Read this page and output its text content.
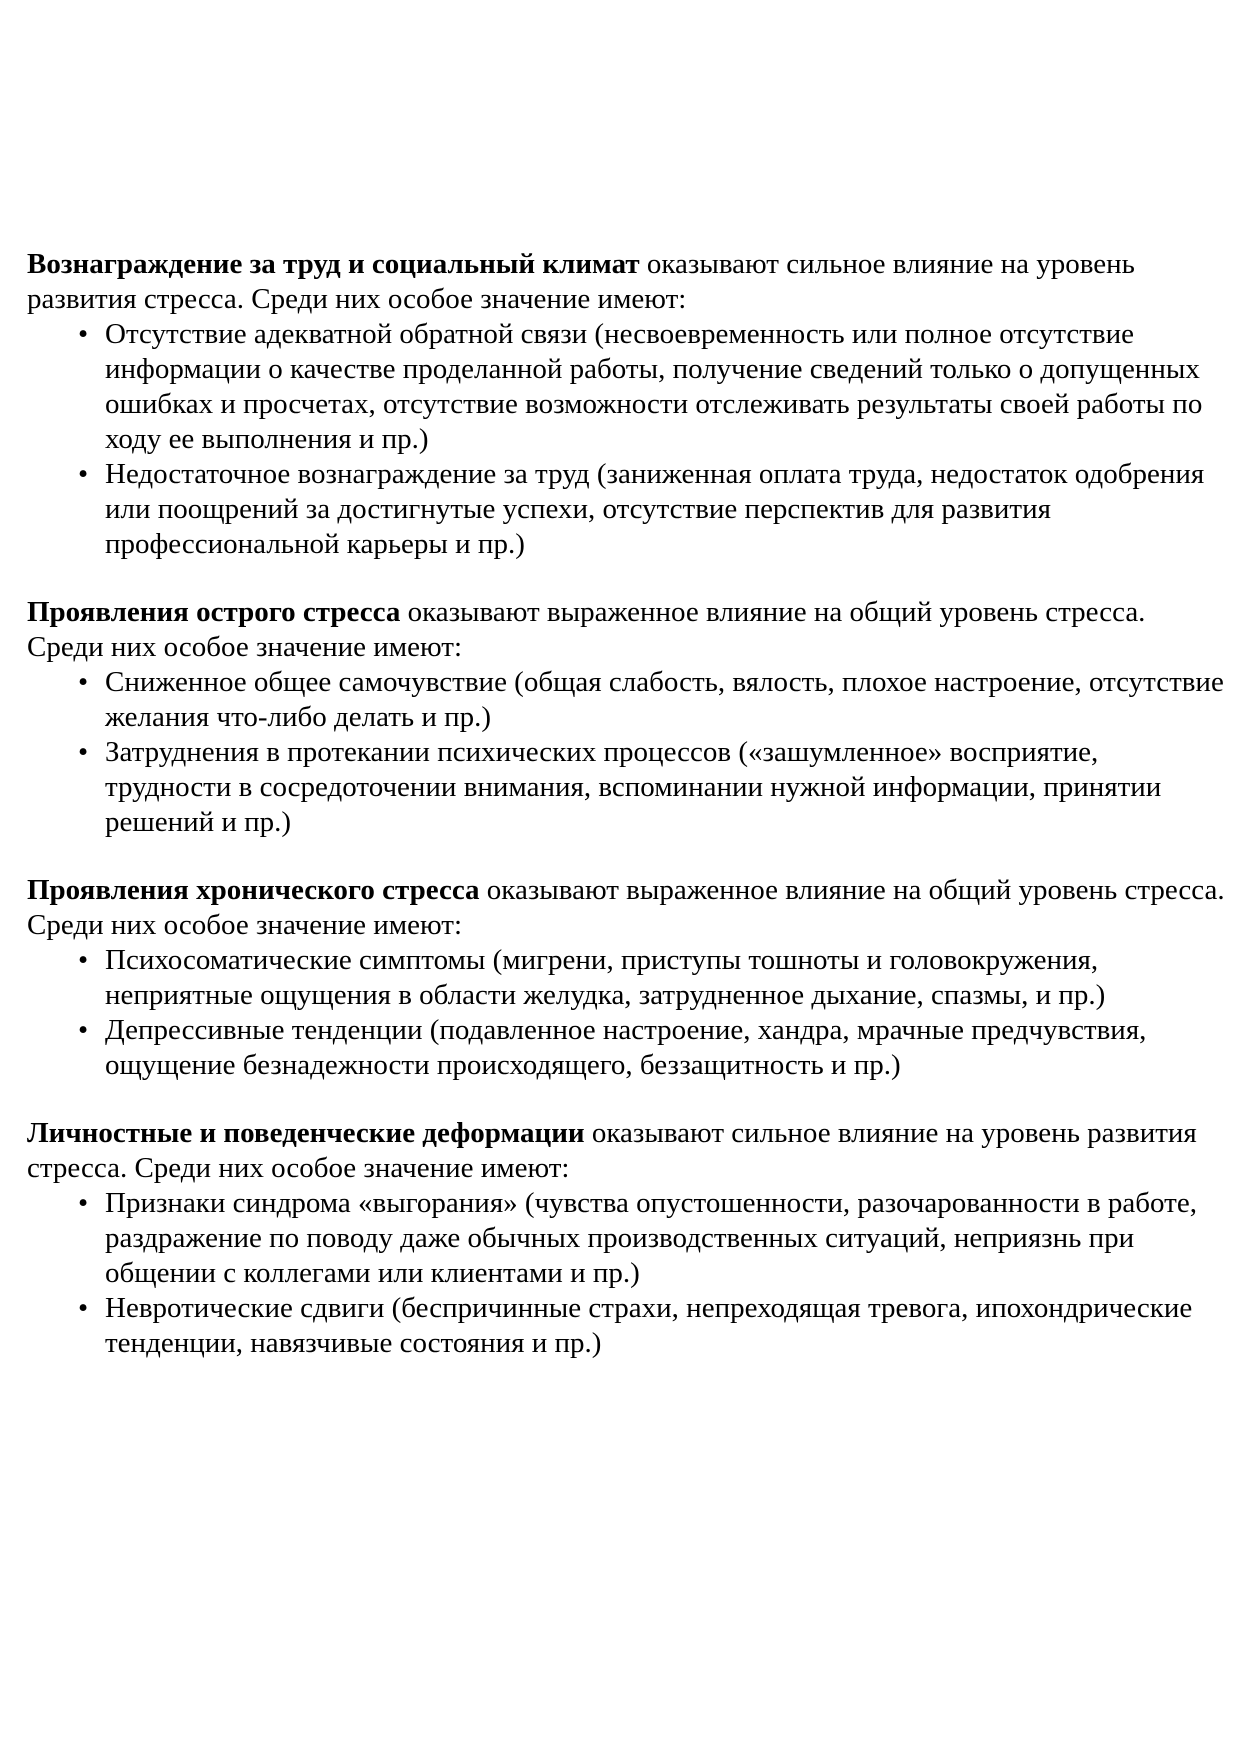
Вознаграждение за труд и социальный климат оказывают сильное влияние на уровень развития стресса. Среди них особое значение имеют:

• Отсутствие адекватной обратной связи (несвоевременность или полное отсутствие информации о качестве проделанной работы, получение сведений только о допущенных ошибках и просчетах, отсутствие возможности отслеживать результаты своей работы по ходу ее выполнения и пр.)
• Недостаточное вознаграждение за труд (заниженная оплата труда, недостаток одобрения или поощрений за достигнутые успехи, отсутствие перспектив для развития профессиональной карьеры и пр.)

Проявления острого стресса оказывают выраженное влияние на общий уровень стресса. Среди них особое значение имеют:

• Сниженное общее самочувствие (общая слабость, вялость, плохое настроение, отсутствие желания что-либо делать и пр.)
• Затруднения в протекании психических процессов («зашумленное» восприятие, трудности в сосредоточении внимания, вспоминании нужной информации, принятии решений и пр.)

Проявления хронического стресса оказывают выраженное влияние на общий уровень стресса. Среди них особое значение имеют:

• Психосоматические симптомы (мигрени, приступы тошноты и головокружения, неприятные ощущения в области желудка, затрудненное дыхание, спазмы, и пр.)
• Депрессивные тенденции (подавленное настроение, хандра, мрачные предчувствия, ощущение безнадежности происходящего, беззащитность и пр.)

Личностные и поведенческие деформации оказывают сильное влияние на уровень развития стресса. Среди них особое значение имеют:

• Признаки синдрома «выгорания» (чувства опустошенности, разочарованности в работе, раздражение по поводу даже обычных производственных ситуаций, неприязнь при общении с коллегами или клиентами и пр.)
• Невротические сдвиги (беспричинные страхи, непреходящая тревога, ипохондрические тенденции, навязчивые состояния и пр.)
